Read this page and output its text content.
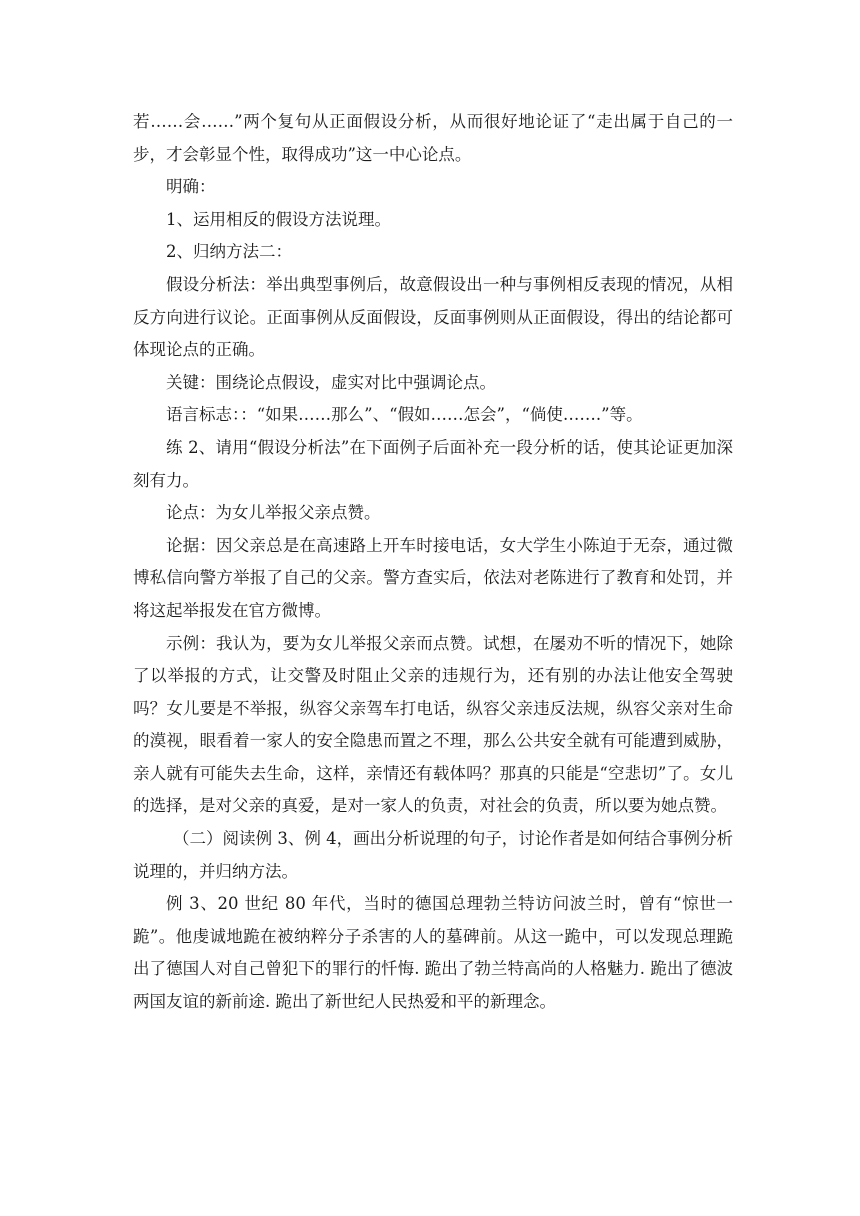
若……会……”两个复句从正面假设分析，从而很好地论证了“走出属于自己的一步，才会彰显个性，取得成功”这一中心论点。

明确：

1、运用相反的假设方法说理。

2、归纳方法二：

假设分析法：举出典型事例后，故意假设出一种与事例相反表现的情况，从相反方向进行议论。正面事例从反面假设，反面事例则从正面假设，得出的结论都可体现论点的正确。

关键：围绕论点假设，虚实对比中强调论点。

语言标志：：“如果……那么”、“假如……怎会”，“倘使…….”等。

练 2、请用“假设分析法”在下面例子后面补充一段分析的话，使其论证更加深刻有力。

论点：为女儿举报父亲点赞。

论据：因父亲总是在高速路上开车时接电话，女大学生小陈迫于无奈，通过微博私信向警方举报了自己的父亲。警方查实后，依法对老陈进行了教育和处罚，并将这起举报发在官方微博。

示例：我认为，要为女儿举报父亲而点赞。试想，在屡劝不听的情况下，她除了以举报的方式，让交警及时阻止父亲的违规行为，还有别的办法让他安全驾驶吗？女儿要是不举报，纵容父亲驾车打电话，纵容父亲违反法规，纵容父亲对生命的漠视，眼看着一家人的安全隐患而置之不理，那么公共安全就有可能遭到威胁，亲人就有可能失去生命，这样，亲情还有载体吗？那真的只能是“空悲切”了。女儿的选择，是对父亲的真爱，是对一家人的负责，对社会的负责，所以要为她点赞。

（二）阅读例 3、例 4，画出分析说理的句子，讨论作者是如何结合事例分析说理的，并归纳方法。

例 3、20 世纪 80 年代，当时的德国总理勃兰特访问波兰时，曾有“惊世一跪”。他虔诚地跪在被纳粹分子杀害的人的墓碑前。从这一跪中，可以发现总理跪出了德国人对自己曾犯下的罪行的忏悔. 跪出了勃兰特高尚的人格魅力. 跪出了德波两国友谊的新前途. 跪出了新世纪人民热爱和平的新理念。
